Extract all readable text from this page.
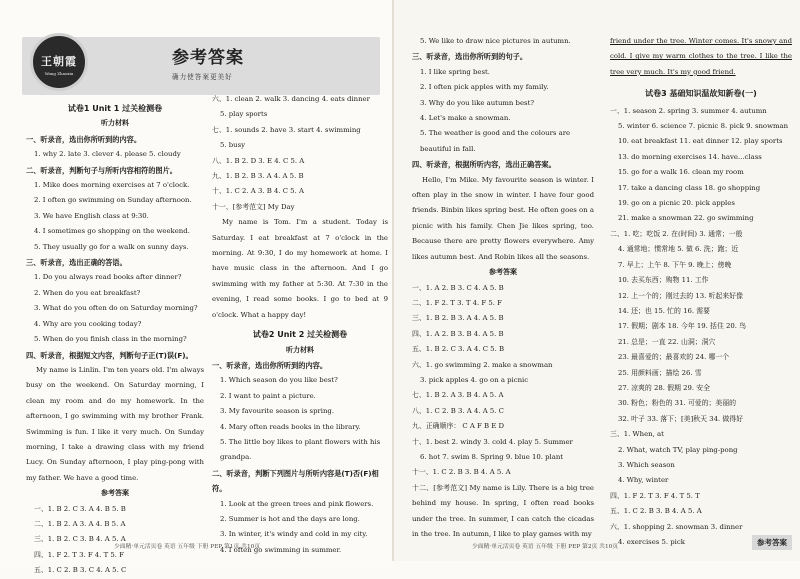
王朝霞
Wang Zhaoxia
参考答案
确力使答案更美好

试卷1 Unit 1 过关检测卷

听力材料

一、听录音，选出你所听到的内容。

1. why 2. late 3. clever 4. please 5. cloudy

二、听录音，判断句子与所听内容相符的图片。

1. Mike does morning exercises at 7 o'clock.

2. I often go swimming on Sunday afternoon.

3. We have English class at 9:30.

4. I sometimes go shopping on the weekend.

5. They usually go for a walk on sunny days.

三、听录音，选出正确的答语。

1. Do you always read books after dinner?

2. When do you eat breakfast?

3. What do you often do on Saturday morning?

4. Why are you cooking today?

5. When do you finish class in the morning?

四、听录音，根据短文内容，判断句子正(T)误(F)。

My name is Linlin. I'm ten years old. I'm always busy on the weekend. On Saturday morning, I clean my room and do my homework. In the afternoon, I go swimming with my brother Frank. Swimming is fun. I like it very much. On Sunday morning, I take a drawing class with my friend Lucy. On Sunday afternoon, I play ping-pong with my father. We have a good time.

参考答案

一、1. B 2. C 3. A 4. B 5. B

二、1. B 2. A 3. A 4. B 5. A

三、1. B 2. C 3. B 4. A 5. A

四、1. F 2. T 3. F 4. T 5. F

五、1. C 2. B 3. C 4. A 5. C

六、1. clean 2. walk 3. dancing 4. eats dinner

5. play sports

七、1. sounds 2. have 3. start 4. swimming

5. busy

八、1. B 2. D 3. E 4. C 5. A

九、1. B 2. B 3. A 4. A 5. B

十、1. C 2. A 3. B 4. C 5. A

十一、[参考范文] My Day

My name is Tom. I'm a student. Today is Saturday. I eat breakfast at 7 o'clock in the morning. At 9:30, I do my homework at home. I have music class in the afternoon. And I go swimming with my father at 5:30. At 7:30 in the evening, I read some books. I go to bed at 9 o'clock. What a happy day!

试卷2 Unit 2 过关检测卷

听力材料

一、听录音，选出你所听到的内容。

1. Which season do you like best?

2. I want to paint a picture.

3. My favourite season is spring.

4. Mary often reads books in the library.

5. The little boy likes to plant flowers with his grandpa.

二、听录音，判断下列图片与所听内容是(T)否(F)相符。

1. Look at the green trees and pink flowers.

2. Summer is hot and the days are long.

3. In winter, it's windy and cold in my city.

4. I often go swimming in summer.

5. We like to draw nice pictures in autumn.

三、听录音，选出你所听到的句子。

1. I like spring best.

2. I often pick apples with my family.

3. Why do you like autumn best?

4. Let's make a snowman.

5. The weather is good and the colours are beautiful in fall.

四、听录音，根据所听内容，选出正确答案。

Hello, I'm Mike. My favourite season is winter. I often play in the snow in winter. I have four good friends. Binbin likes spring best. He often goes on a picnic with his family. Chen Jie likes spring, too. Because there are pretty flowers everywhere. Amy likes autumn best. And Robin likes all the seasons.

参考答案

一、1. A 2. B 3. C 4. A 5. B

二、1. F 2. T 3. T 4. F 5. F

三、1. B 2. B 3. A 4. A 5. B

四、1. A 2. B 3. B 4. A 5. B

五、1. B 2. C 3. A 4. C 5. B

六、1. go swimming 2. make a snowman

3. pick apples 4. go on a picnic

七、1. B 2. A 3. B 4. A 5. A

八、1. C 2. B 3. A 4. A 5. C

九、正确顺序： C A F B E D

十、1. best 2. windy 3. cold 4. play 5. Summer

6. hot 7. swim 8. Spring 9. blue 10. plant

十一、1. C 2. B 3. B 4. A 5. A

十二、[参考范文] My name is Lily. There is a big tree behind my house. In spring, I often read books under the tree. In summer, I can catch the cicadas in the tree. In autumn, I like to play games with my

friend under the tree. Winter comes. It's snowy and cold. I give my warm clothes to the tree. I like the tree very much. It's my good friend.

试卷3 基础知识温故知新卷(一)

一、1. season 2. spring 3. summer 4. autumn

5. winter 6. science 7. picnic 8. pick 9. snowman

10. eat breakfast 11. eat dinner 12. play sports

13. do morning exercises 14. have...class

15. go for a walk 16. clean my room

17. take a dancing class 18. go shopping

19. go on a picnic 20. pick apples

21. make a snowman 22. go swimming

二、1. 吃；吃饭 2. 在(时间) 3. 通常；一般

4. 通常地；惯常地 5. 做 6. 洗；跑；近

7. 早上；上午 8. 下午 9. 晚上；傍晚

10. 去买东西；购物 11. 工作

12. 上一个的；刚过去的 13. 听起来好像

14. 还；也 15. 忙的 16. 需要

17. 假期；剧本 18. 今年 19. 括住 20. 鸟

21. 总是；一直 22. 山洞；洞穴

23. 最喜爱的；最喜欢的 24. 哪一个

25. 用颜料画；描绘 26. 雪

27. 凉爽的 28. 假期 29. 安全

30. 粉色；粉色的 31. 可爱的；美丽的

32. 叶子 33. 落下；[美]秋天 34. 做得好

三、1. When, at

2. What, watch TV, play ping-pong

3. Which season

4. Why, winter

四、1. F 2. T 3. F 4. T 5. T

五、1. C 2. B 3. B 4. A 5. A

六、1. shopping 2. snowman 3. dinner

4. exercises 5. pick

少面精·单元活页卷 英语 五年级 下册 PEP 第1页 共10页	少面精·单元活页卷 英语 五年级 下册 PEP 第2页 共10页	参考答案
